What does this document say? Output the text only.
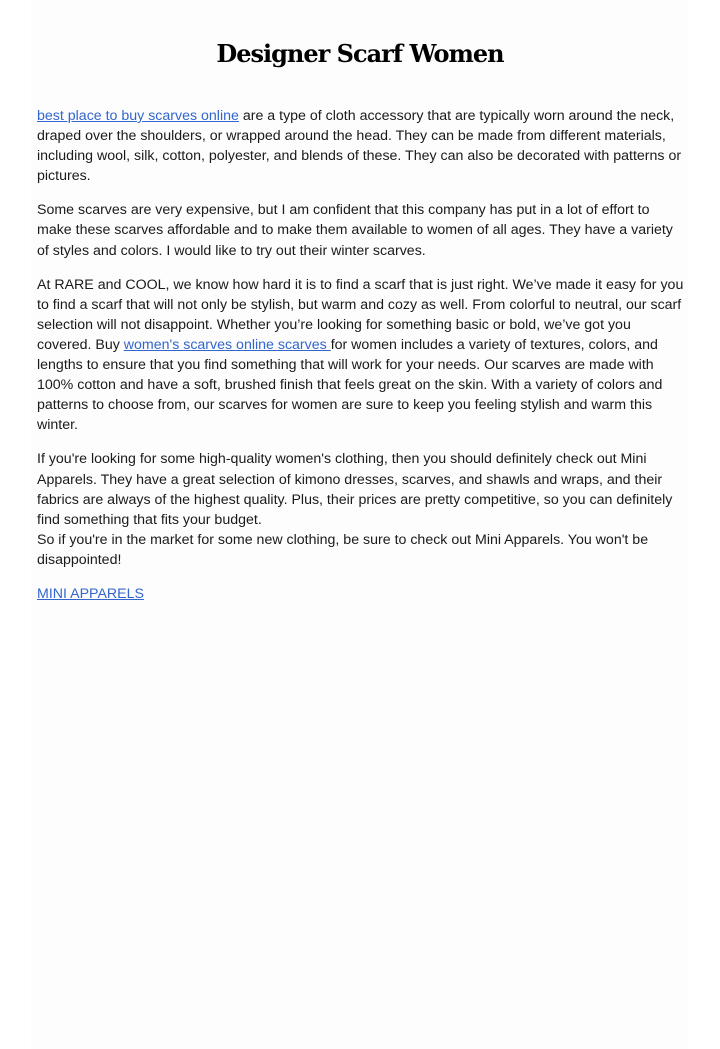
Designer Scarf Women

best place to buy scarves online are a type of cloth accessory that are typically worn around the neck, draped over the shoulders, or wrapped around the head. They can be made from different materials, including wool, silk, cotton, polyester, and blends of these. They can also be decorated with patterns or pictures.

Some scarves are very expensive, but I am confident that this company has put in a lot of effort to make these scarves affordable and to make them available to women of all ages. They have a variety of styles and colors. I would like to try out their winter scarves.

At RARE and COOL, we know how hard it is to find a scarf that is just right. We’ve made it easy for you to find a scarf that will not only be stylish, but warm and cozy as well. From colorful to neutral, our scarf selection will not disappoint. Whether you’re looking for something basic or bold, we’ve got you covered. Buy women's scarves online scarves for women includes a variety of textures, colors, and lengths to ensure that you find something that will work for your needs. Our scarves are made with 100% cotton and have a soft, brushed finish that feels great on the skin. With a variety of colors and patterns to choose from, our scarves for women are sure to keep you feeling stylish and warm this winter.

If you're looking for some high-quality women's clothing, then you should definitely check out Mini Apparels. They have a great selection of kimono dresses, scarves, and shawls and wraps, and their fabrics are always of the highest quality. Plus, their prices are pretty competitive, so you can definitely find something that fits your budget.
So if you're in the market for some new clothing, be sure to check out Mini Apparels. You won't be disappointed!

MINI APPARELS
